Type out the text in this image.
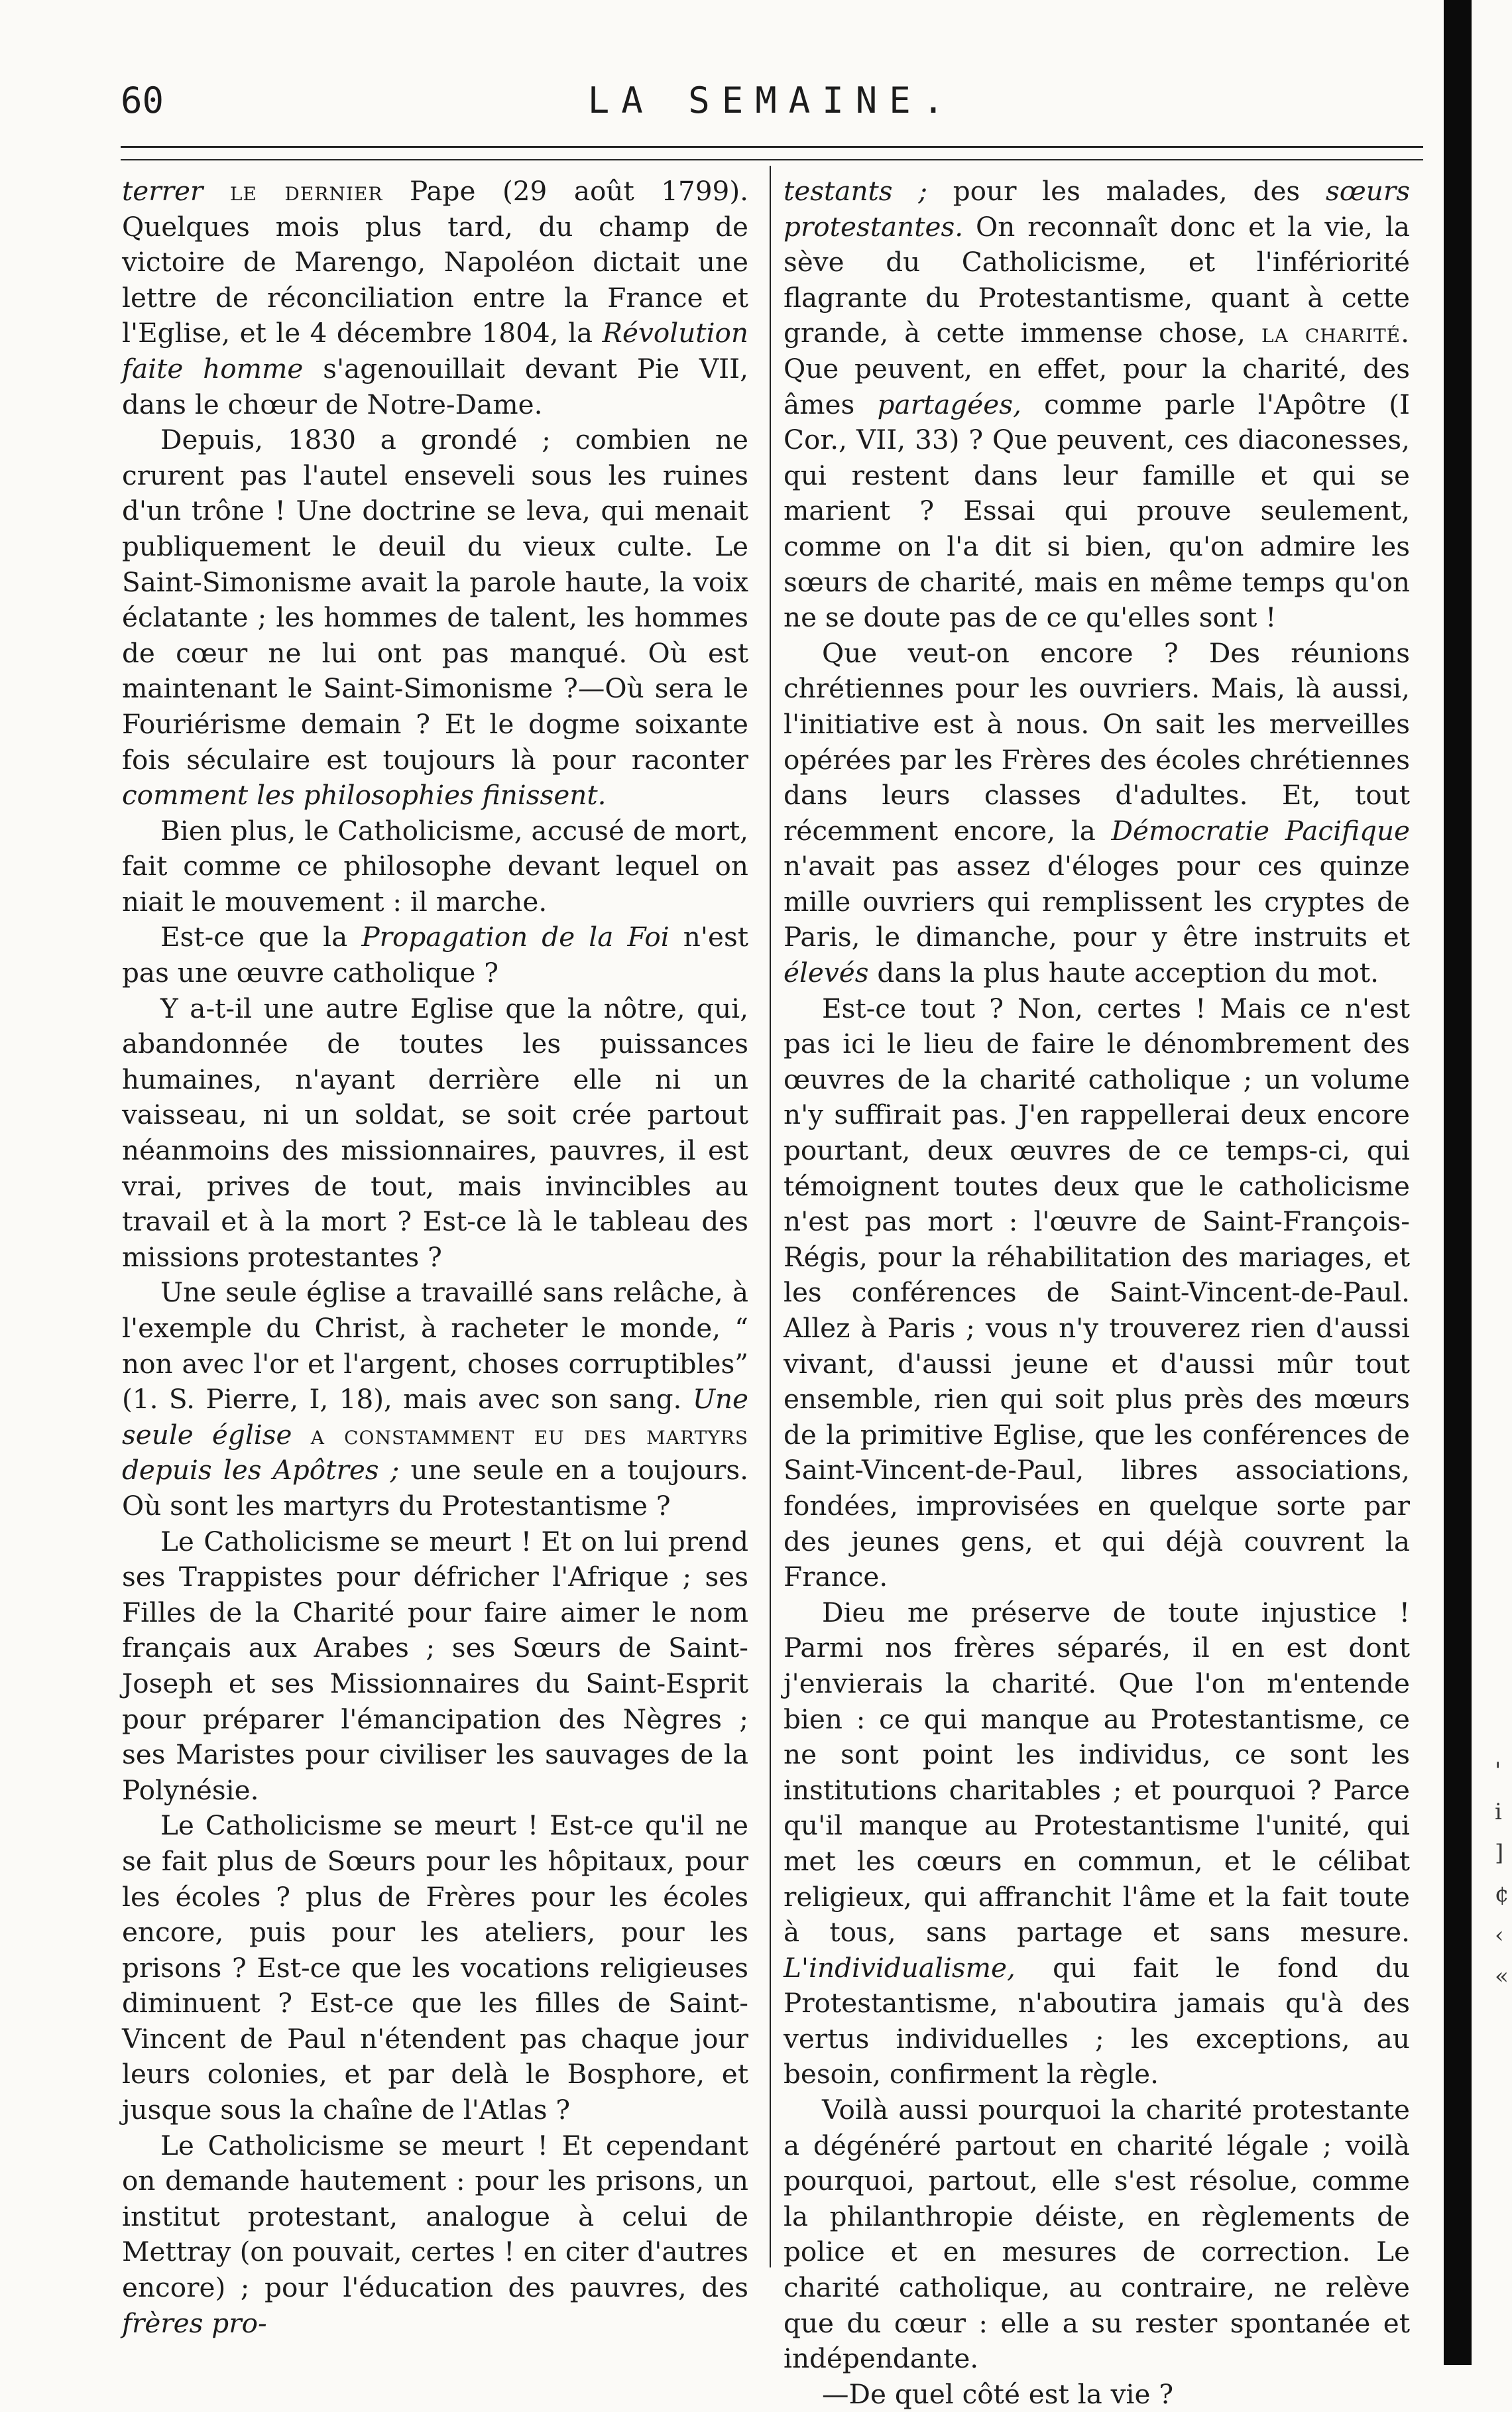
60	LA SEMAINE.

terrer le dernier Pape (29 août 1799). Quelques mois plus tard, du champ de victoire de Marengo, Napoléon dictait une lettre de réconciliation entre la France et l'Eglise, et le 4 décembre 1804, la Révolution faite homme s'agenouillait devant Pie VII, dans le chœur de Notre-Dame.

Depuis, 1830 a grondé ; combien ne crurent pas l'autel enseveli sous les ruines d'un trône ! Une doctrine se leva, qui menait publiquement le deuil du vieux culte. Le Saint-Simonisme avait la parole haute, la voix éclatante ; les hommes de talent, les hommes de cœur ne lui ont pas manqué. Où est maintenant le Saint-Simonisme ?—Où sera le Fouriérisme demain ? Et le dogme soixante fois séculaire est toujours là pour raconter comment les philosophies finissent.

Bien plus, le Catholicisme, accusé de mort, fait comme ce philosophe devant lequel on niait le mouvement : il marche.

Est-ce que la Propagation de la Foi n'est pas une œuvre catholique ?

Y a-t-il une autre Eglise que la nôtre, qui, abandonnée de toutes les puissances humaines, n'ayant derrière elle ni un vaisseau, ni un soldat, se soit crée partout néanmoins des missionnaires, pauvres, il est vrai, prives de tout, mais invincibles au travail et à la mort ? Est-ce là le tableau des missions protestantes ?

Une seule église a travaillé sans relâche, à l'exemple du Christ, à racheter le monde, “ non avec l'or et l'argent, choses corruptibles” (1. S. Pierre, I, 18), mais avec son sang. Une seule église a constamment eu des martyrs depuis les Apôtres ; une seule en a toujours. Où sont les martyrs du Protestantisme ?

Le Catholicisme se meurt ! Et on lui prend ses Trappistes pour défricher l'Afrique ; ses Filles de la Charité pour faire aimer le nom français aux Arabes ; ses Sœurs de Saint-Joseph et ses Missionnaires du Saint-Esprit pour préparer l'émancipation des Nègres ; ses Maristes pour civiliser les sauvages de la Polynésie.

Le Catholicisme se meurt ! Est-ce qu'il ne se fait plus de Sœurs pour les hôpitaux, pour les écoles ? plus de Frères pour les écoles encore, puis pour les ateliers, pour les prisons ? Est-ce que les vocations religieuses diminuent ? Est-ce que les filles de Saint-Vincent de Paul n'étendent pas chaque jour leurs colonies, et par delà le Bosphore, et jusque sous la chaîne de l'Atlas ?

Le Catholicisme se meurt ! Et cependant on demande hautement : pour les prisons, un institut protestant, analogue à celui de Mettray (on pouvait, certes ! en citer d'autres encore) ; pour l'éducation des pauvres, des frères pro-

testants ; pour les malades, des sœurs protestantes. On reconnaît donc et la vie, la sève du Catholicisme, et l'infériorité flagrante du Protestantisme, quant à cette grande, à cette immense chose, la charité. Que peuvent, en effet, pour la charité, des âmes partagées, comme parle l'Apôtre (I Cor., VII, 33) ? Que peuvent, ces diaconesses, qui restent dans leur famille et qui se marient ? Essai qui prouve seulement, comme on l'a dit si bien, qu'on admire les sœurs de charité, mais en même temps qu'on ne se doute pas de ce qu'elles sont !

Que veut-on encore ? Des réunions chrétiennes pour les ouvriers. Mais, là aussi, l'initiative est à nous. On sait les merveilles opérées par les Frères des écoles chrétiennes dans leurs classes d'adultes. Et, tout récemment encore, la Démocratie Pacifique n'avait pas assez d'éloges pour ces quinze mille ouvriers qui remplissent les cryptes de Paris, le dimanche, pour y être instruits et élevés dans la plus haute acception du mot.

Est-ce tout ? Non, certes ! Mais ce n'est pas ici le lieu de faire le dénombrement des œuvres de la charité catholique ; un volume n'y suffirait pas. J'en rappellerai deux encore pourtant, deux œuvres de ce temps-ci, qui témoignent toutes deux que le catholicisme n'est pas mort : l'œuvre de Saint-François-Régis, pour la réhabilitation des mariages, et les conférences de Saint-Vincent-de-Paul. Allez à Paris ; vous n'y trouverez rien d'aussi vivant, d'aussi jeune et d'aussi mûr tout ensemble, rien qui soit plus près des mœurs de la primitive Eglise, que les conférences de Saint-Vincent-de-Paul, libres associations, fondées, improvisées en quelque sorte par des jeunes gens, et qui déjà couvrent la France.

Dieu me préserve de toute injustice ! Parmi nos frères séparés, il en est dont j'envierais la charité. Que l'on m'entende bien : ce qui manque au Protestantisme, ce ne sont point les individus, ce sont les institutions charitables ; et pourquoi ? Parce qu'il manque au Protestantisme l'unité, qui met les cœurs en commun, et le célibat religieux, qui affranchit l'âme et la fait toute à tous, sans partage et sans mesure. L'individualisme, qui fait le fond du Protestantisme, n'aboutira jamais qu'à des vertus individuelles ; les exceptions, au besoin, confirment la règle.

Voilà aussi pourquoi la charité protestante a dégénéré partout en charité légale ; voilà pourquoi, partout, elle s'est résolue, comme la philanthropie déiste, en règlements de police et en mesures de correction. Le charité catholique, au contraire, ne relève que du cœur : elle a su rester spontanée et indépendante.

—De quel côté est la vie ?

'
i
]
¢
‹
«
